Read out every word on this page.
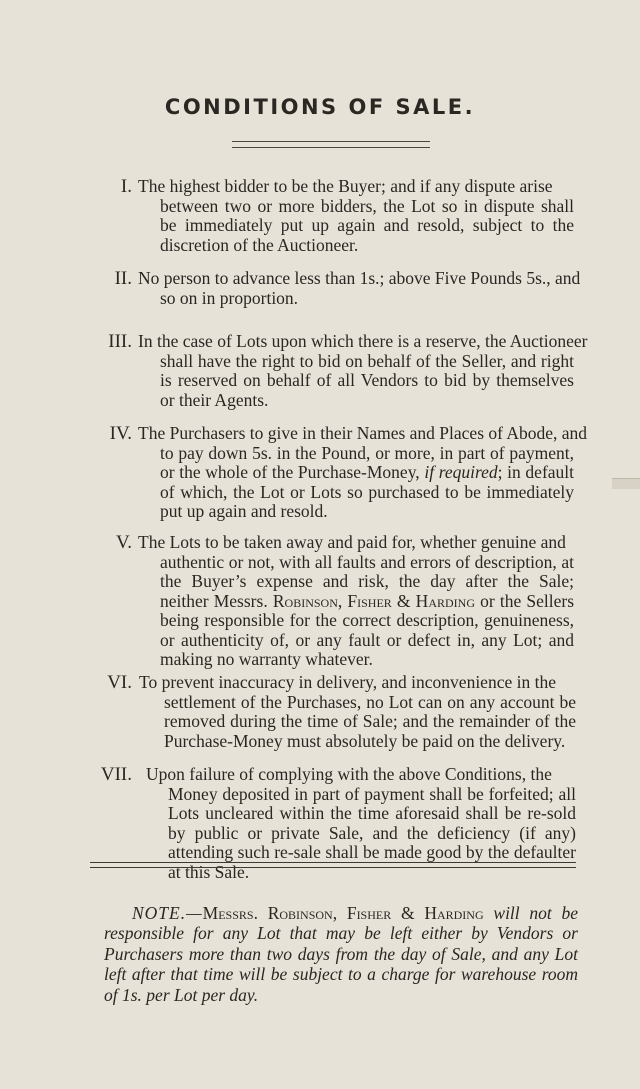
CONDITIONS OF SALE.
I. The highest bidder to be the Buyer; and if any dispute arise
between two or more bidders, the Lot so in dispute shall be immediately put up again and resold, subject to the discretion of the Auctioneer.
II. No person to advance less than 1s.; above Five Pounds 5s., and
so on in proportion.
III. In the case of Lots upon which there is a reserve, the Auctioneer
shall have the right to bid on behalf of the Seller, and right is reserved on behalf of all Vendors to bid by themselves or their Agents.
IV. The Purchasers to give in their Names and Places of Abode, and
to pay down 5s. in the Pound, or more, in part of payment, or the whole of the Purchase-Money, if required; in default of which, the Lot or Lots so purchased to be immediately put up again and resold.
V. The Lots to be taken away and paid for, whether genuine and
authentic or not, with all faults and errors of description, at the Buyer’s expense and risk, the day after the Sale; neither Messrs. Robinson, Fisher & Harding or the Sellers being responsible for the correct description, genuineness, or authenticity of, or any fault or defect in, any Lot; and making no warranty whatever.
VI. To prevent inaccuracy in delivery, and inconvenience in the
settlement of the Purchases, no Lot can on any account be removed during the time of Sale; and the remainder of the Purchase-Money must absolutely be paid on the delivery.
VII. Upon failure of complying with the above Conditions, the
Money deposited in part of payment shall be forfeited; all Lots uncleared within the time aforesaid shall be re-sold by public or private Sale, and the deficiency (if any) attending such re-sale shall be made good by the defaulter at this Sale.

NOTE.—Messrs. Robinson, Fisher & Harding will not be responsible for any Lot that may be left either by Vendors or Purchasers more than two days from the day of Sale, and any Lot left after that time will be subject to a charge for warehouse room of 1s. per Lot per day.
